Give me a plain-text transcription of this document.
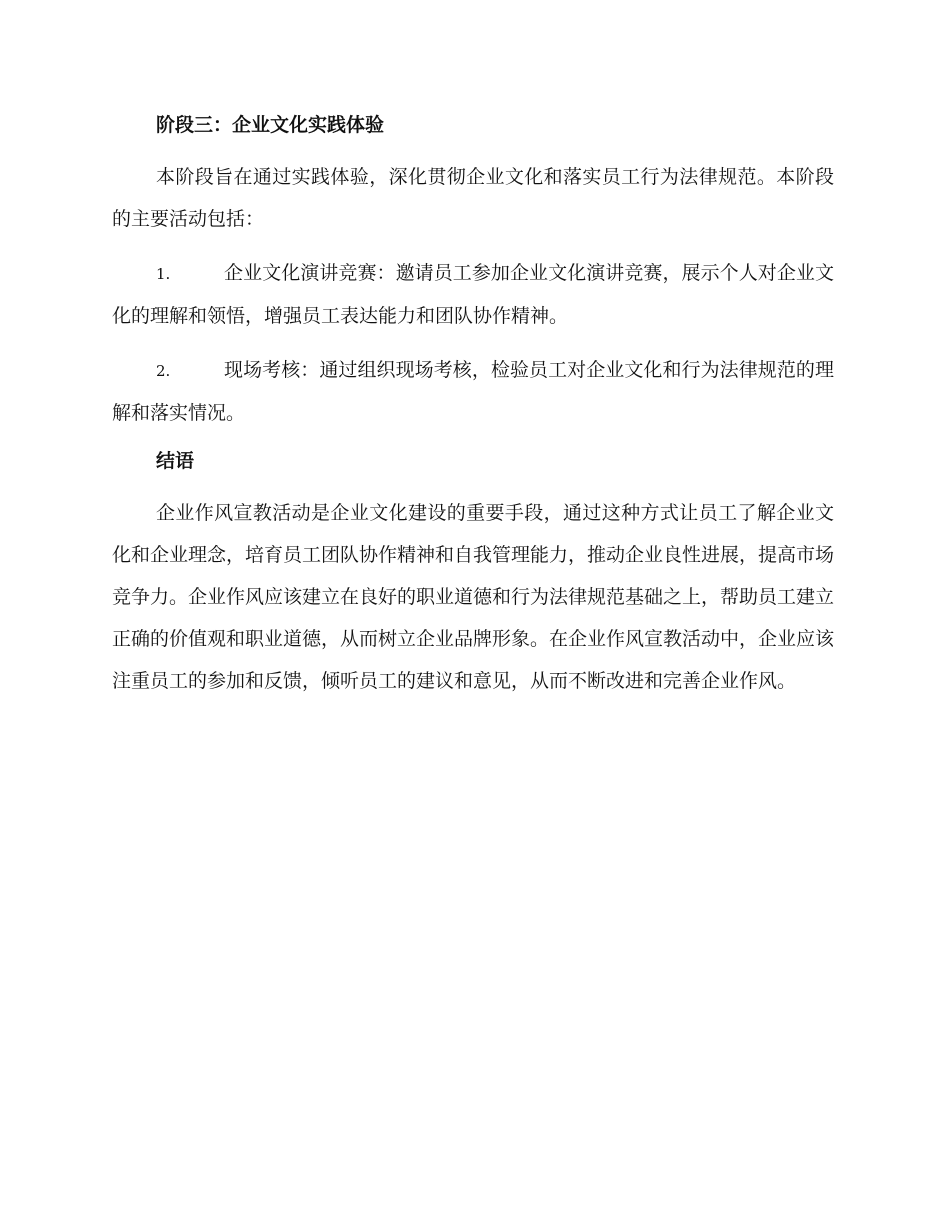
阶段三：企业文化实践体验

本阶段旨在通过实践体验，深化贯彻企业文化和落实员工行为法律规范。本阶段的主要活动包括：

1.	企业文化演讲竞赛：邀请员工参加企业文化演讲竞赛，展示个人对企业文化的理解和领悟，增强员工表达能力和团队协作精神。

2.	现场考核：通过组织现场考核，检验员工对企业文化和行为法律规范的理解和落实情况。

结语

企业作风宣教活动是企业文化建设的重要手段，通过这种方式让员工了解企业文化和企业理念，培育员工团队协作精神和自我管理能力，推动企业良性进展，提高市场竞争力。企业作风应该建立在良好的职业道德和行为法律规范基础之上，帮助员工建立正确的价值观和职业道德，从而树立企业品牌形象。在企业作风宣教活动中，企业应该注重员工的参加和反馈，倾听员工的建议和意见，从而不断改进和完善企业作风。
